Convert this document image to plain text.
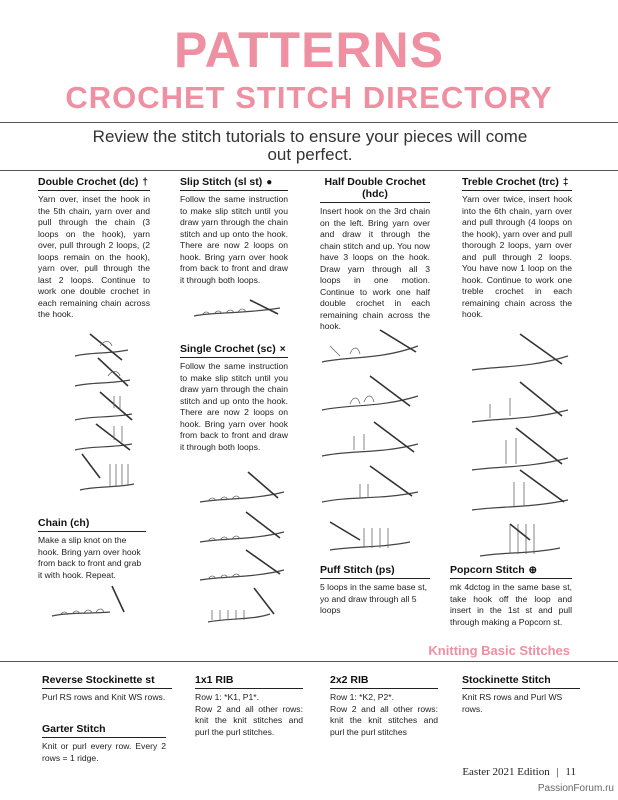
PATTERNS
CROCHET STITCH DIRECTORY
Review the stitch tutorials to ensure your pieces will come out perfect.
Double Crochet (dc) †
Yarn over, inset the hook in the 5th chain, yarn over and pull through the chain (3 loops on the hook), yarn over, pull through 2 loops, (2 loops remain on the hook), yarn over, pull through the last 2 loops. Continue to work one double crochet in each remaining chain across the hook.
Slip Stitch (sl st) ●
Follow the same instruction to make slip stitch until you draw yarn through the chain stitch and up onto the hook. There are now 2 loops on hook. Bring yarn over hook from back to front and draw it through both loops.
Half Double Crochet (hdc)
Insert hook on the 3rd chain on the left. Bring yarn over and draw it through the chain stitch and up. You now have 3 loops on the hook. Draw yarn through all 3 loops in one motion. Continue to work one half double crochet in each remaining chain across the hook.
Treble Crochet (trc) ‡
Yarn over twice, insert hook into the 6th chain, yarn over and pull through (4 loops on the hook), yarn over and pull thorough 2 loops, yarn over and pull through 2 loops. You have now 1 loop on the hook. Continue to work one treble crochet in each remaining chain across the hook.
Single Crochet (sc) ×
Follow the same instruction to make slip stitch until you draw yarn through the chain stitch and up onto the hook. There are now 2 loops on hook. Bring yarn over hook from back to front and draw it through both loops.
Chain (ch)
Make a slip knot on the hook. Bring yarn over hook from back to front and grab it with hook. Repeat.	Puff Stitch (ps)
5 loops in the same base st, yo and draw through all 5 loops
Popcorn Stitch ⊕
mk 4dctog in the same base st, take hook off the loop and insert in the 1st st and pull through making a Popcorn st.
Knitting Basic Stitches
Reverse Stockinette st
Purl RS rows and Knit WS rows.
Garter Stitch
Knit or purl every row. Every 2 rows = 1 ridge.
1x1 RIB
Row 1: *K1, P1*.
Row 2 and all other rows: knit the knit stitches and purl the purl stitches.
2x2 RIB
Row 1: *K2, P2*.
Row 2 and all other rows: knit the knit stitches and purl the purl stitches
Stockinette Stitch
Knit RS rows and Purl WS rows.
Easter 2021 Edition | 11
PassionForum.ru
